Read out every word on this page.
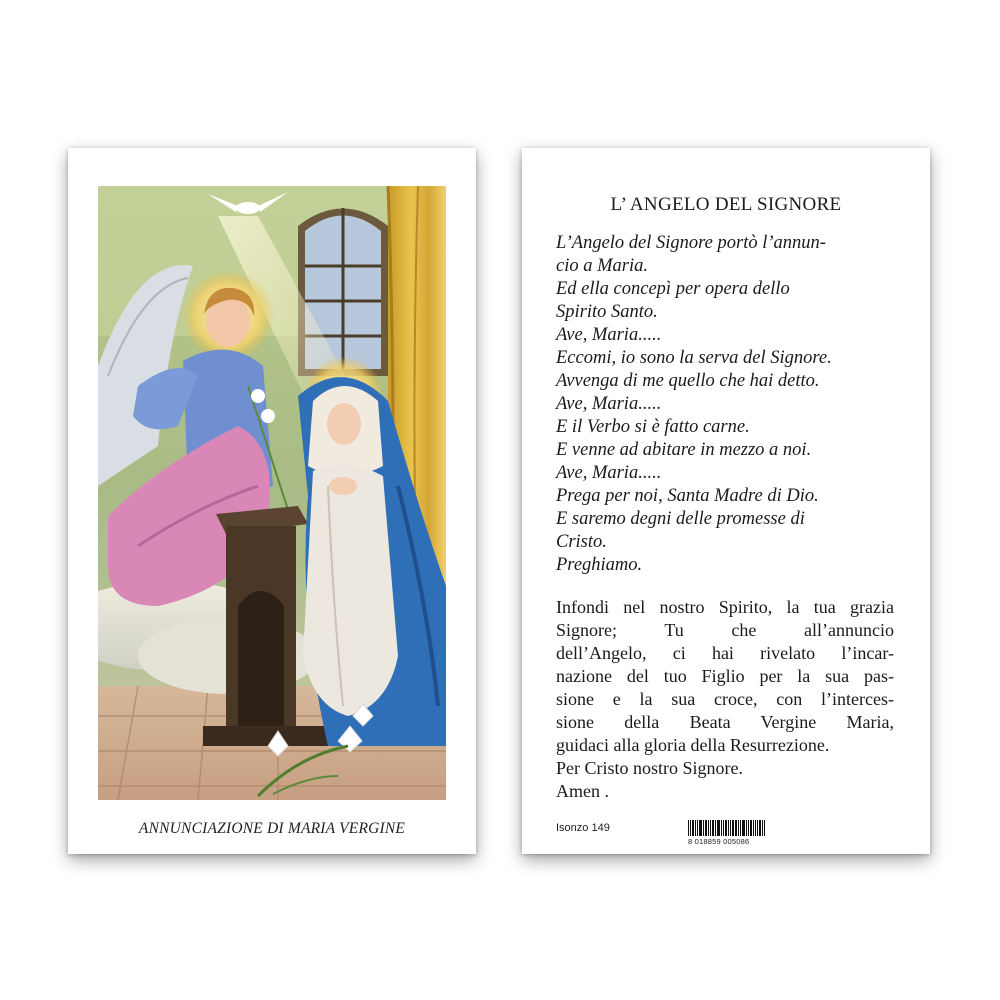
ANNUNCIAZIONE DI MARIA VERGINE
L’ ANGELO DEL SIGNORE
L’Angelo del Signore portò l’annun-
cio a Maria.
Ed ella concepì per opera dello
Spirito Santo.
Ave, Maria.....
Eccomi, io sono la serva del Signore.
Avvenga di me quello che hai detto.
Ave, Maria.....
E il Verbo si è fatto carne.
E venne ad abitare in mezzo a noi.
Ave, Maria.....
Prega per noi, Santa Madre di Dio.
E saremo degni delle promesse di
Cristo.
Preghiamo.
Infondi nel nostro Spirito, la tua grazia
Signore; Tu che all’annuncio
dell’Angelo, ci hai rivelato l’incar-
nazione del tuo Figlio per la sua pas-
sione e la sua croce, con l’interces-
sione della Beata Vergine Maria,
guidaci alla gloria della Resurrezione.
Per Cristo nostro Signore.
Amen .
Isonzo 149
8 018859 005086
